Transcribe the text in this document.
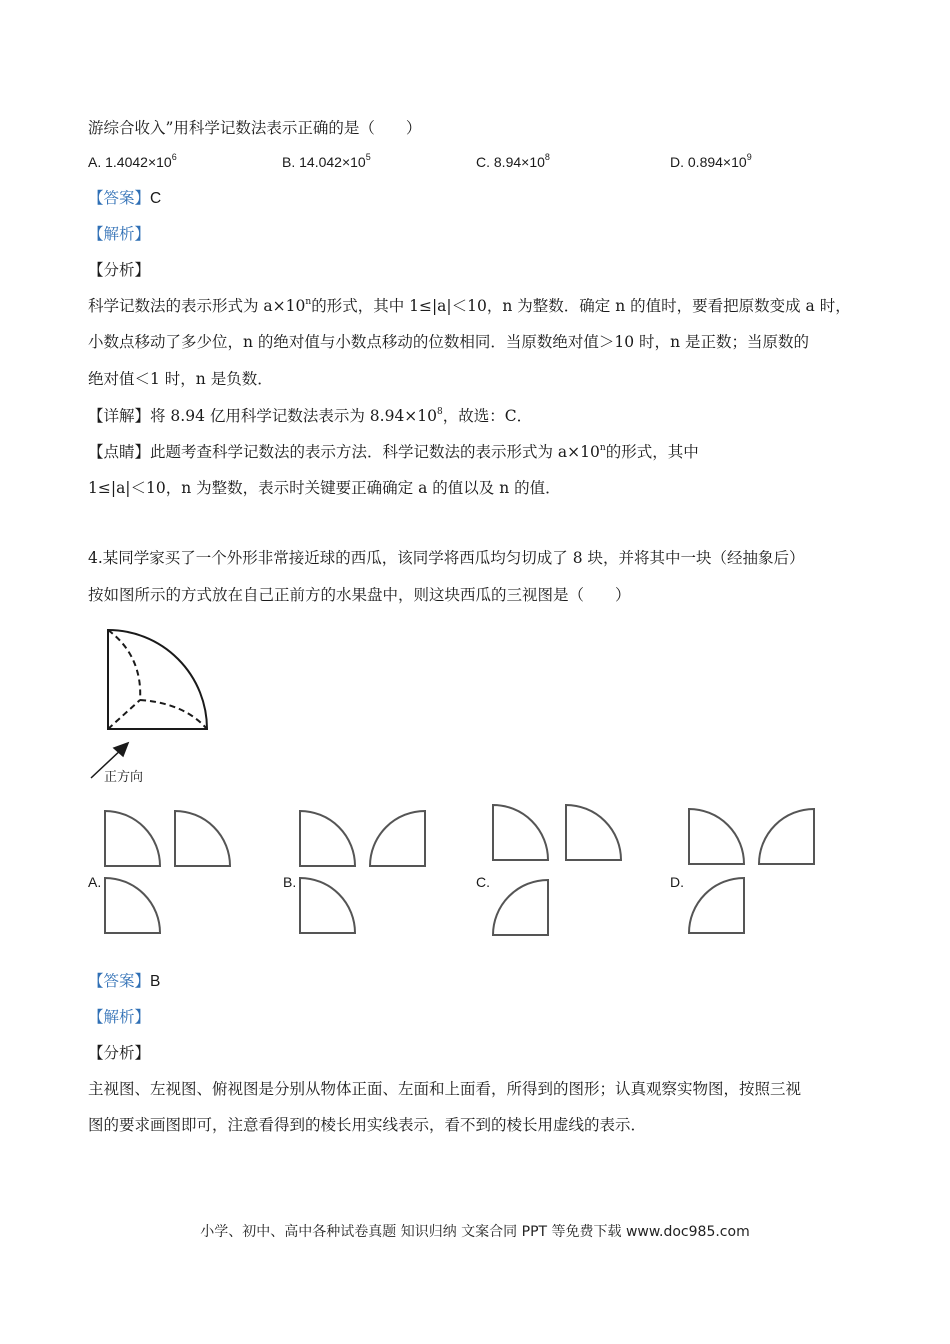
游综合收入”用科学记数法表示正确的是（　　）
A. $1.4042\times 10^6$	B. $14.042\times 10^5$	C. $8.94\times 10^8$	D. $0.894\times 10^9$
【答案】C
【解析】
【分析】
科学记数法的表示形式为 $a\times 10^n$的形式，其中 1≤|a|＜10，n 为整数．确定 n 的值时，要看把原数变成 a 时，
小数点移动了多少位，n 的绝对值与小数点移动的位数相同．当原数绝对值＞10 时，n 是正数；当原数的
绝对值＜1 时，n 是负数．
【详解】将 8.94 亿用科学记数法表示为 $8.94\times 10^8$，故选：C．
【点睛】此题考查科学记数法的表示方法．科学记数法的表示形式为 $a\times 10^n$的形式，其中
1≤|a|＜10，n 为整数，表示时关键要正确确定 a 的值以及 n 的值．
4.某同学家买了一个外形非常接近球的西瓜，该同学将西瓜均匀切成了 8 块，并将其中一块（经抽象后）
按如图所示的方式放在自己正前方的水果盘中，则这块西瓜的三视图是（　　）
正方向
A.	B.	C.	D.
【答案】B
【解析】
【分析】
主视图、左视图、俯视图是分别从物体正面、左面和上面看，所得到的图形；认真观察实物图，按照三视
图的要求画图即可，注意看得到的棱长用实线表示，看不到的棱长用虚线的表示．
小学、初中、高中各种试卷真题 知识归纳 文案合同 PPT 等免费下载 www.doc985.com
